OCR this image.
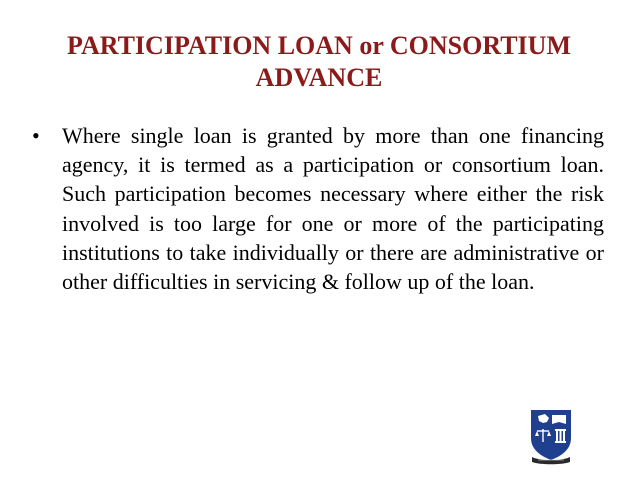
PARTICIPATION LOAN or CONSORTIUM ADVANCE
• Where single loan is granted by more than one financing agency, it is termed as a participation or consortium loan. Such participation becomes necessary where either the risk involved is too large for one or more of the participating institutions to take individually or there are administrative or other difficulties in servicing & follow up of the loan.
